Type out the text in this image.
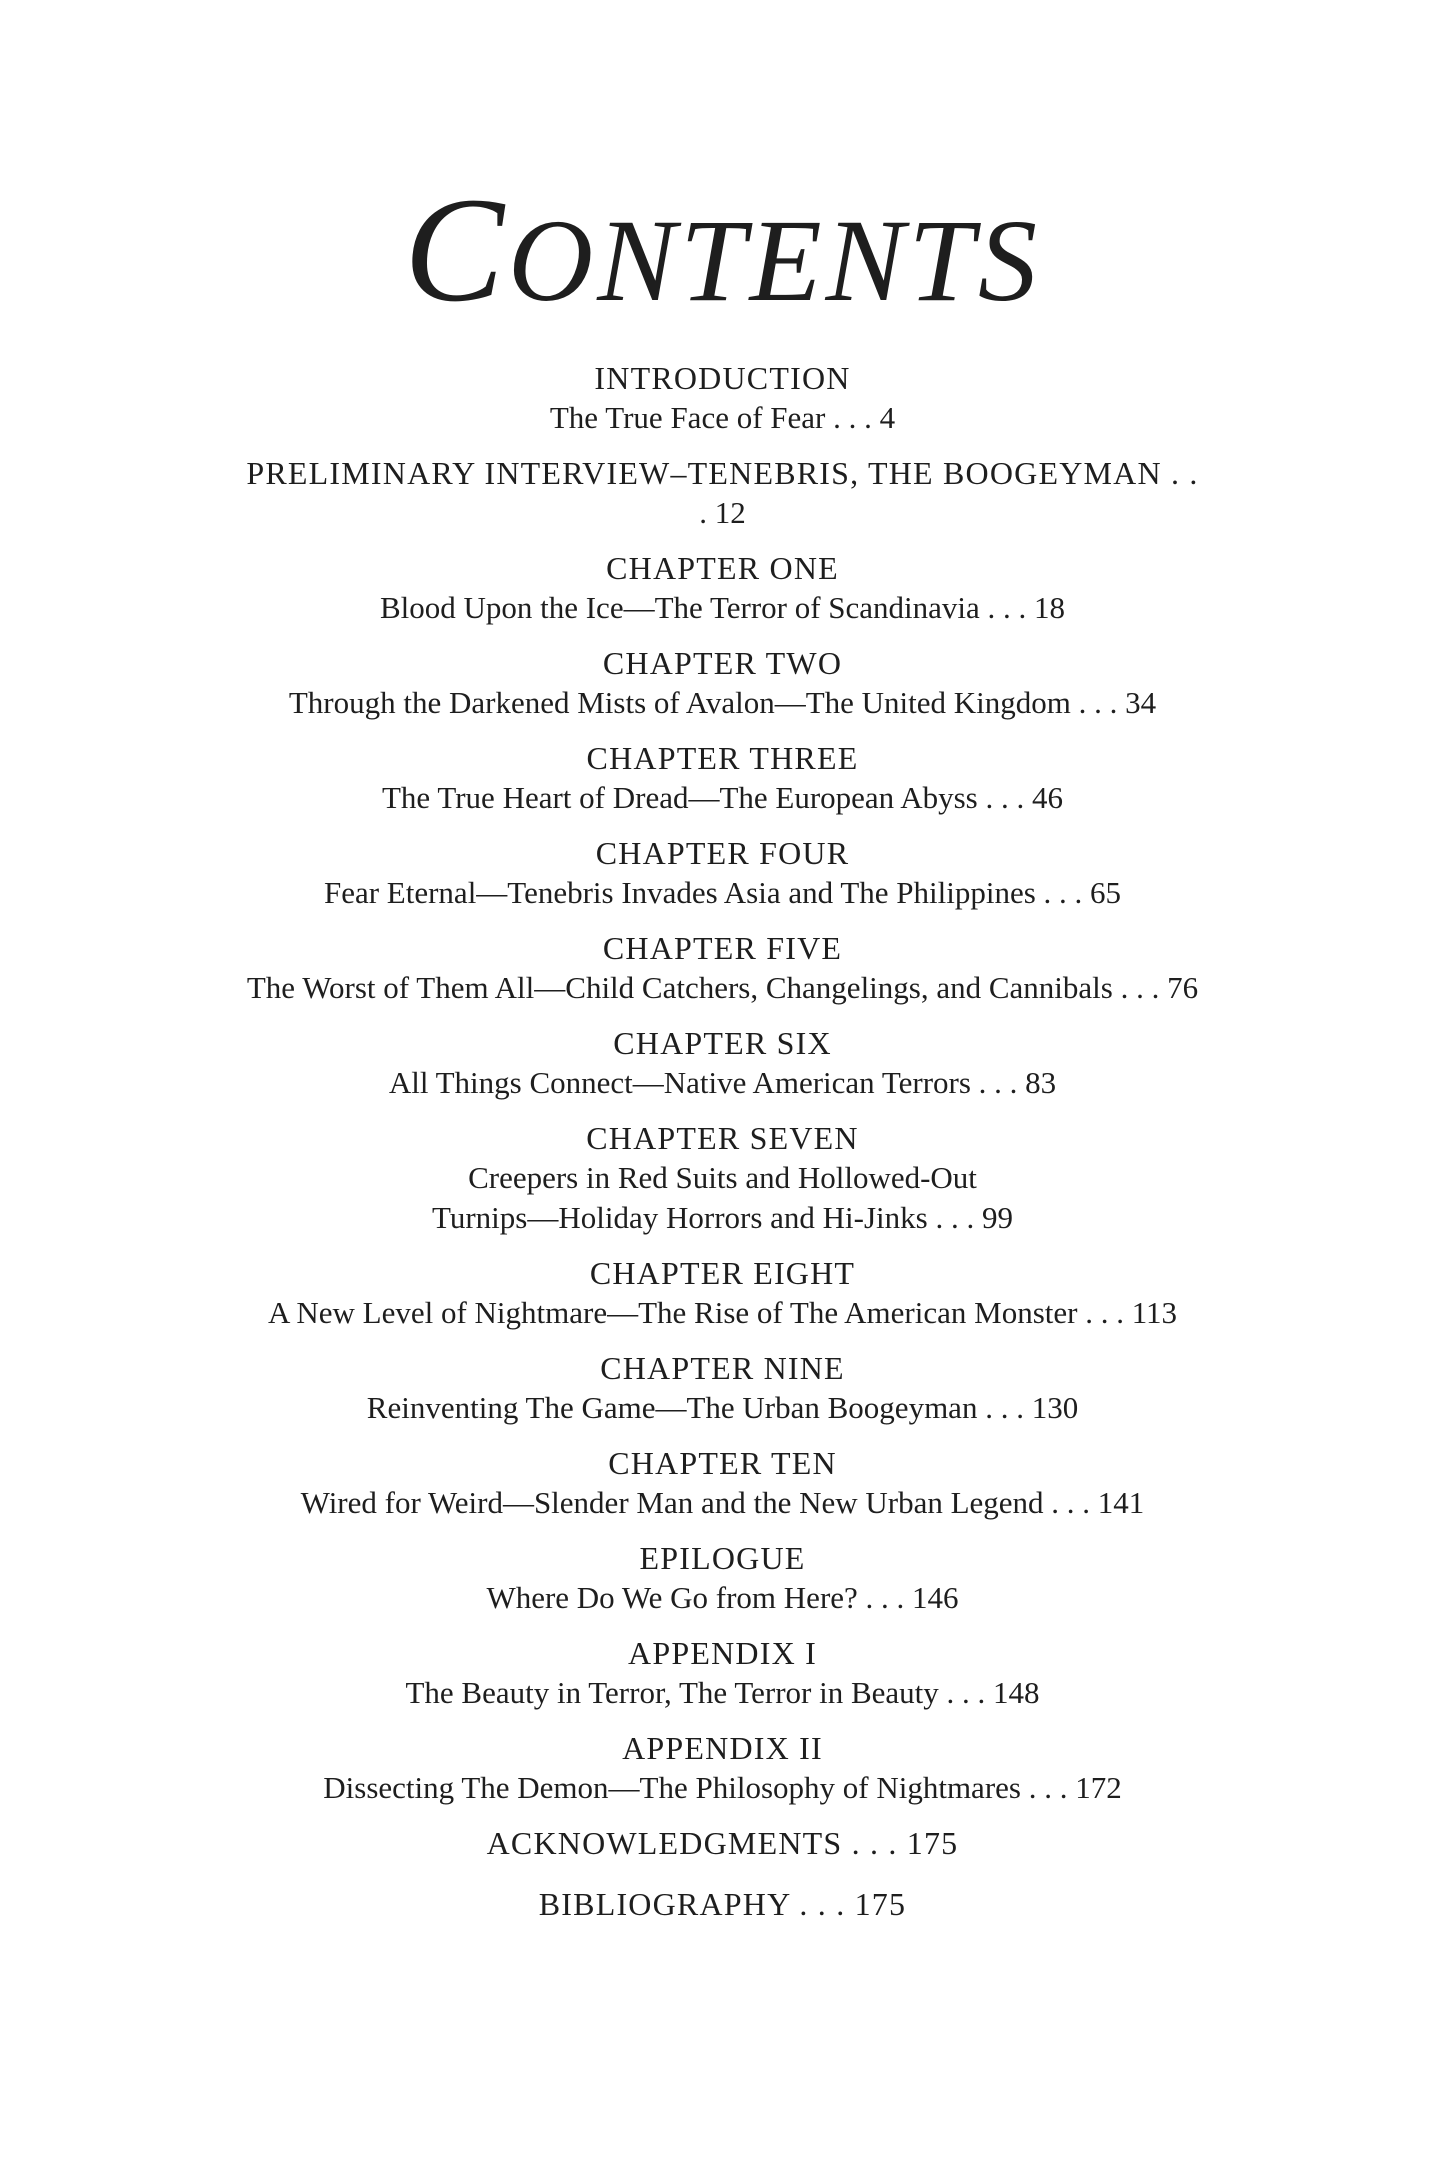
CONTENTS
INTRODUCTION
The True Face of Fear . . . 4
PRELIMINARY INTERVIEW–TENEBRIS, THE BOOGEYMAN . .
. 12
CHAPTER ONE
Blood Upon the Ice—The Terror of Scandinavia . . . 18
CHAPTER TWO
Through the Darkened Mists of Avalon—The United Kingdom . . . 34
CHAPTER THREE
The True Heart of Dread—The European Abyss . . . 46
CHAPTER FOUR
Fear Eternal—Tenebris Invades Asia and The Philippines . . . 65
CHAPTER FIVE
The Worst of Them All—Child Catchers, Changelings, and Cannibals . . . 76
CHAPTER SIX
All Things Connect—Native American Terrors . . . 83
CHAPTER SEVEN
Creepers in Red Suits and Hollowed-Out
Turnips—Holiday Horrors and Hi-Jinks . . . 99
CHAPTER EIGHT
A New Level of Nightmare—The Rise of The American Monster . . . 113
CHAPTER NINE
Reinventing The Game—The Urban Boogeyman . . . 130
CHAPTER TEN
Wired for Weird—Slender Man and the New Urban Legend . . . 141
EPILOGUE
Where Do We Go from Here? . . . 146
APPENDIX I
The Beauty in Terror, The Terror in Beauty . . . 148
APPENDIX II
Dissecting The Demon—The Philosophy of Nightmares . . . 172
ACKNOWLEDGMENTS . . . 175
BIBLIOGRAPHY . . . 175
